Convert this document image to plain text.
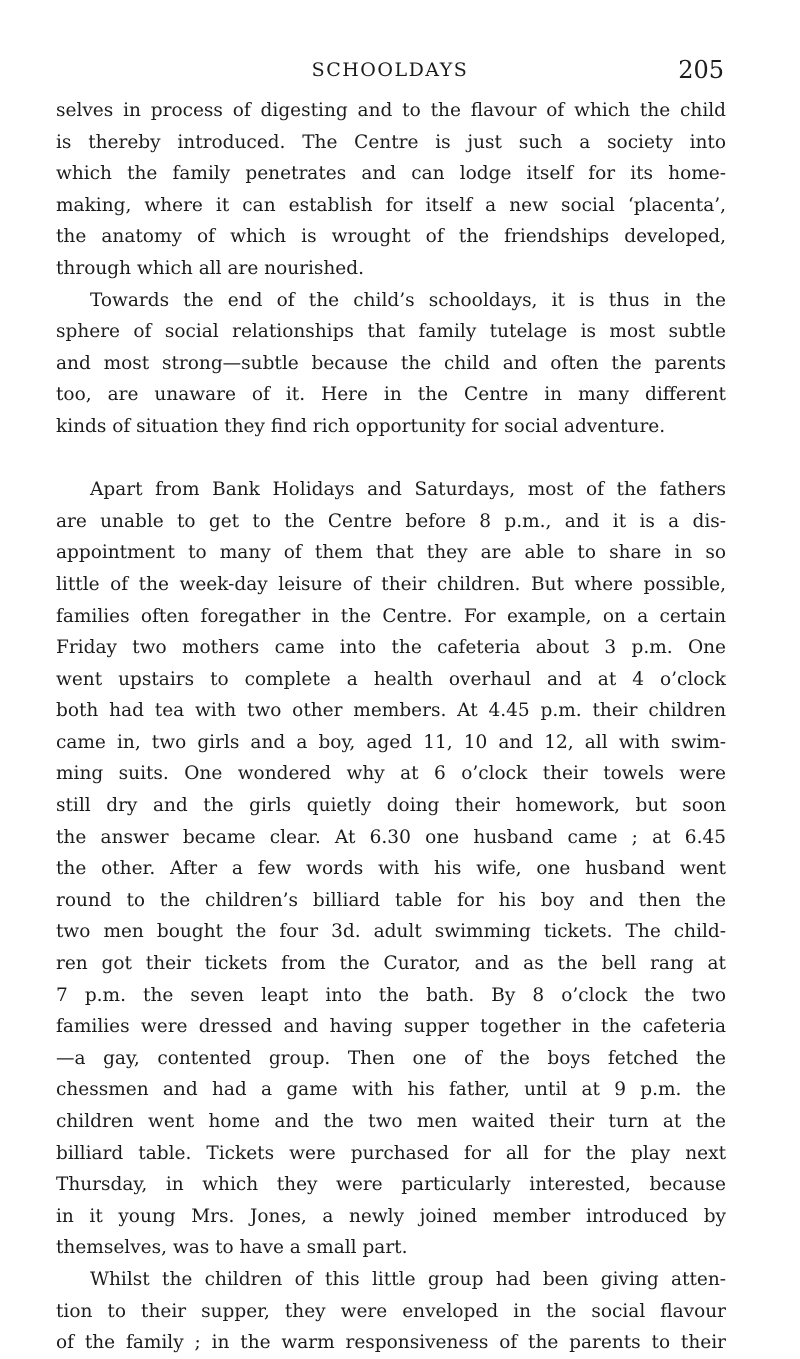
SCHOOLDAYS	205
selves in process of digesting and to the flavour of which the child
is thereby introduced. The Centre is just such a society into
which the family penetrates and can lodge itself for its home-
making, where it can establish for itself a new social ‘placenta’,
the anatomy of which is wrought of the friendships developed,
through which all are nourished.
Towards the end of the child’s schooldays, it is thus in the
sphere of social relationships that family tutelage is most subtle
and most strong—subtle because the child and often the parents
too, are unaware of it. Here in the Centre in many different
kinds of situation they find rich opportunity for social adventure.
Apart from Bank Holidays and Saturdays, most of the fathers
are unable to get to the Centre before 8 p.m., and it is a dis-
appointment to many of them that they are able to share in so
little of the week-day leisure of their children. But where possible,
families often foregather in the Centre. For example, on a certain
Friday two mothers came into the cafeteria about 3 p.m. One
went upstairs to complete a health overhaul and at 4 o’clock
both had tea with two other members. At 4.45 p.m. their children
came in, two girls and a boy, aged 11, 10 and 12, all with swim-
ming suits. One wondered why at 6 o’clock their towels were
still dry and the girls quietly doing their homework, but soon
the answer became clear. At 6.30 one husband came ; at 6.45
the other. After a few words with his wife, one husband went
round to the children’s billiard table for his boy and then the
two men bought the four 3d. adult swimming tickets. The child-
ren got their tickets from the Curator, and as the bell rang at
7 p.m. the seven leapt into the bath. By 8 o’clock the two
families were dressed and having supper together in the cafeteria
—a gay, contented group. Then one of the boys fetched the
chessmen and had a game with his father, until at 9 p.m. the
children went home and the two men waited their turn at the
billiard table. Tickets were purchased for all for the play next
Thursday, in which they were particularly interested, because
in it young Mrs. Jones, a newly joined member introduced by
themselves, was to have a small part.
Whilst the children of this little group had been giving atten-
tion to their supper, they were enveloped in the social flavour
of the family ; in the warm responsiveness of the parents to their
